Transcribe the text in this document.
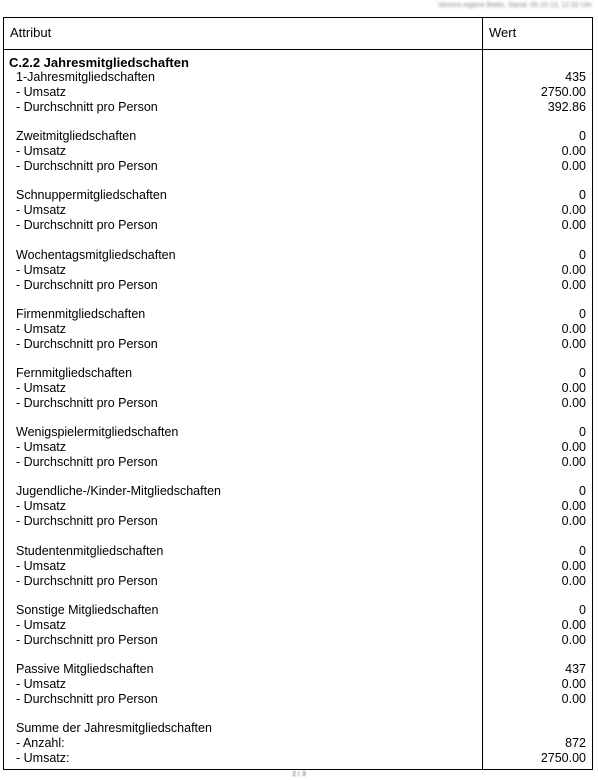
Vereins-eigene Bilder, Stand: 05.10.13, 12:32 Uhr
Attribut	Wert
C.2.2 Jahresmitgliedschaften
1-Jahresmitgliedschaften	435
- Umsatz	2750.00
- Durchschnitt pro Person	392.86
Zweitmitgliedschaften	0
- Umsatz	0.00
- Durchschnitt pro Person	0.00
Schnuppermitgliedschaften	0
- Umsatz	0.00
- Durchschnitt pro Person	0.00
Wochentagsmitgliedschaften	0
- Umsatz	0.00
- Durchschnitt pro Person	0.00
Firmenmitgliedschaften	0
- Umsatz	0.00
- Durchschnitt pro Person	0.00
Fernmitgliedschaften	0
- Umsatz	0.00
- Durchschnitt pro Person	0.00
Wenigspielermitgliedschaften	0
- Umsatz	0.00
- Durchschnitt pro Person	0.00
Jugendliche-/Kinder-Mitgliedschaften	0
- Umsatz	0.00
- Durchschnitt pro Person	0.00
Studentenmitgliedschaften	0
- Umsatz	0.00
- Durchschnitt pro Person	0.00
Sonstige Mitgliedschaften	0
- Umsatz	0.00
- Durchschnitt pro Person	0.00
Passive Mitgliedschaften	437
- Umsatz	0.00
- Durchschnitt pro Person	0.00
Summe der Jahresmitgliedschaften
- Anzahl:	872
- Umsatz:	2750.00
2 / 3
